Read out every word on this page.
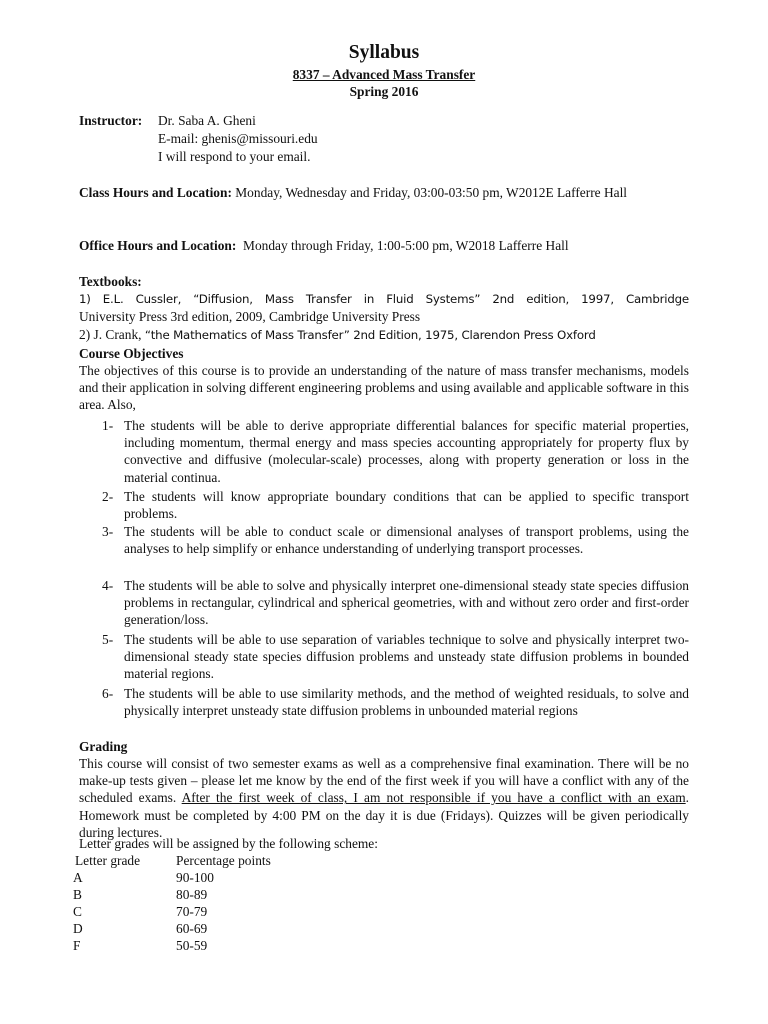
Syllabus
8337 – Advanced Mass Transfer
Spring 2016
Instructor: Dr. Saba A. Gheni
E-mail: ghenis@missouri.edu
I will respond to your email.
Class Hours and Location: Monday, Wednesday and Friday, 03:00-03:50 pm, W2012E Lafferre Hall
Office Hours and Location: Monday through Friday, 1:00-5:00 pm, W2018 Lafferre Hall
Textbooks:
1) E.L. Cussler, “Diffusion, Mass Transfer in Fluid Systems” 2nd edition, 1997, Cambridge
University Press 3rd edition, 2009, Cambridge University Press
2) J. Crank, “the Mathematics of Mass Transfer” 2nd Edition, 1975, Clarendon Press Oxford
Course Objectives
The objectives of this course is to provide an understanding of the nature of mass transfer mechanisms, models and their application in solving different engineering problems and using available and applicable software in this area. Also,
1- The students will be able to derive appropriate differential balances for specific material properties, including momentum, thermal energy and mass species accounting appropriately for property flux by convective and diffusive (molecular-scale) processes, along with property generation or loss in the material continua.
2- The students will know appropriate boundary conditions that can be applied to specific transport problems.
3- The students will be able to conduct scale or dimensional analyses of transport problems, using the analyses to help simplify or enhance understanding of underlying transport processes.
4- The students will be able to solve and physically interpret one-dimensional steady state species diffusion problems in rectangular, cylindrical and spherical geometries, with and without zero order and first-order generation/loss.
5- The students will be able to use separation of variables technique to solve and physically interpret two-dimensional steady state species diffusion problems and unsteady state diffusion problems in bounded material regions.
6- The students will be able to use similarity methods, and the method of weighted residuals, to solve and physically interpret unsteady state diffusion problems in unbounded material regions
Grading
This course will consist of two semester exams as well as a comprehensive final examination. There will be no make-up tests given – please let me know by the end of the first week if you will have a conflict with any of the scheduled exams. After the first week of class, I am not responsible if you have a conflict with an exam. Homework must be completed by 4:00 PM on the day it is due (Fridays). Quizzes will be given periodically during lectures.
Letter grades will be assigned by the following scheme:
Letter grade	Percentage points
A	90-100
B	80-89
C	70-79
D	60-69
F	50-59
